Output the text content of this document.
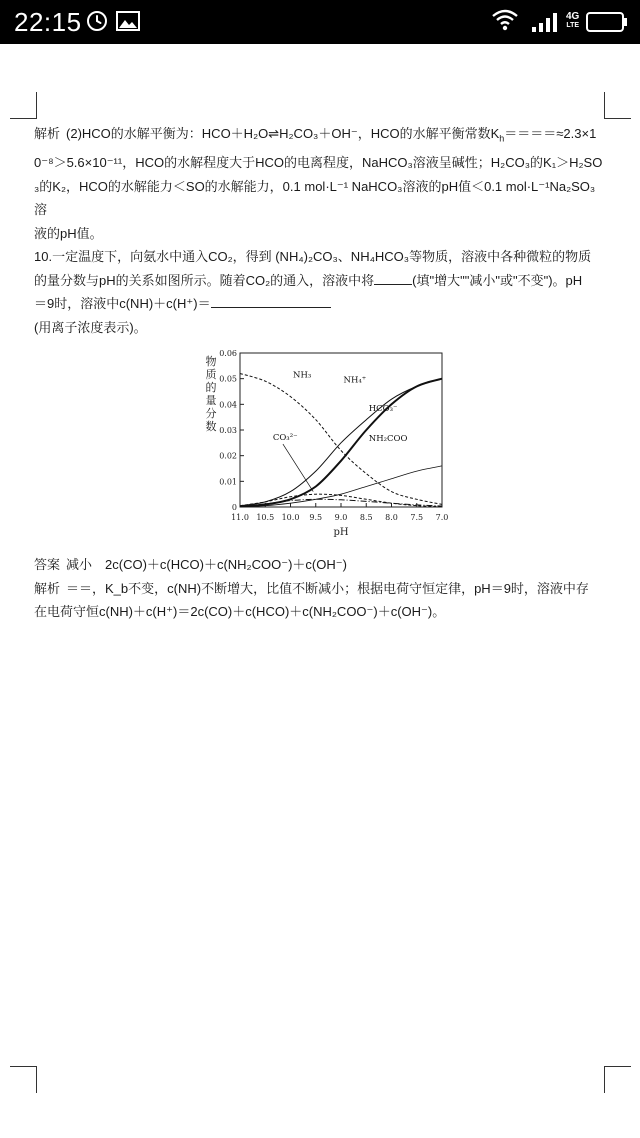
22:15	4G
LTE

解析 (2)HCO的水解平衡为：HCO＋H₂O⇌H₂CO₃＋OH⁻，HCO的水解平衡常数$K_h====\approx 2.3\times 1$

0⁻⁸＞5.6×10⁻¹¹，HCO的水解程度大于HCO的电离程度，NaHCO₃溶液呈碱性；H₂CO₃的K₁＞H₂SO

₃的K₂，HCO的水解能力＜SO的水解能力，0.1 mol·L⁻¹ NaHCO₃溶液的pH值＜0.1 mol·L⁻¹Na₂SO₃溶

液的pH值。

10.一定温度下，向氨水中通入CO₂，得到 (NH₄)₂CO₃、NH₄HCO₃等物质，溶液中各种微粒的物质

的量分数与pH的关系如图所示。随着CO₂的通入，溶液中将	(填"增大""减小"或"不变")。pH

＝9时，溶液中c(NH)＋c(H⁺)＝

(用离子浓度表示)。

物质的量分数
0
0.01
0.02
0.03
0.04
0.05
0.06
11.0 10.5 10.0 9.5 9.0 8.5 8.0 7.5 7.0
pH
NH₃
NH₄⁺
HCO₃⁻
NH₂COO
CO₃²⁻

答案 减小　2c(CO)＋c(HCO)＋c(NH₂COO⁻)＋c(OH⁻)

解析 ＝＝，K_b不变，c(NH)不断增大，比值不断减小；根据电荷守恒定律，pH＝9时，溶液中存

在电荷守恒c(NH)＋c(H⁺)＝2c(CO)＋c(HCO)＋c(NH₂COO⁻)＋c(OH⁻)。
